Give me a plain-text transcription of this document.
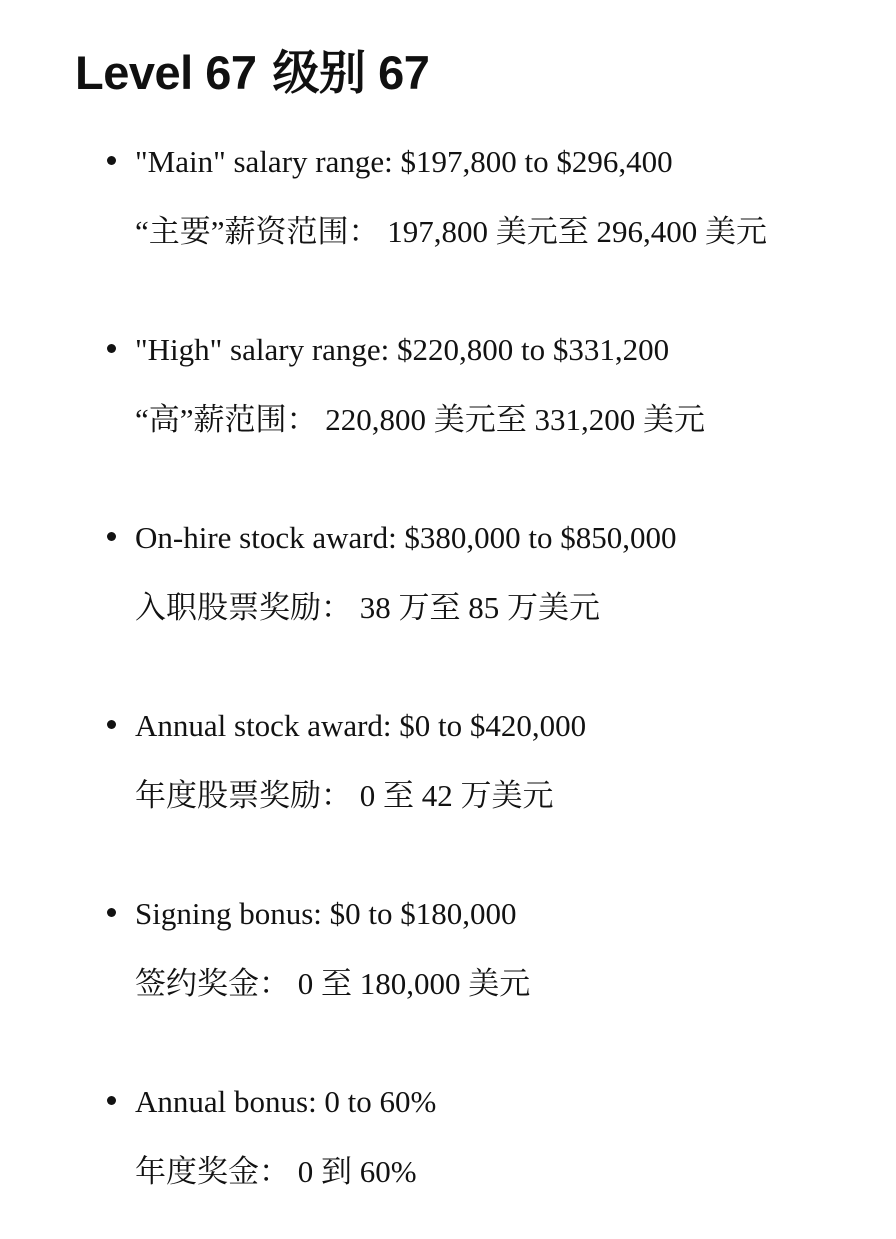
Level 67 级别 67

"Main" salary range: $197,800 to $296,400

“主要”薪资范围： 197,800 美元至 296,400 美元

"High" salary range: $220,800 to $331,200

“高”薪范围： 220,800 美元至 331,200 美元

On-hire stock award: $380,000 to $850,000

入职股票奖励： 38 万至 85 万美元

Annual stock award: $0 to $420,000

年度股票奖励： 0 至 42 万美元

Signing bonus: $0 to $180,000

签约奖金： 0 至 180,000 美元

Annual bonus: 0 to 60%

年度奖金： 0 到 60%
